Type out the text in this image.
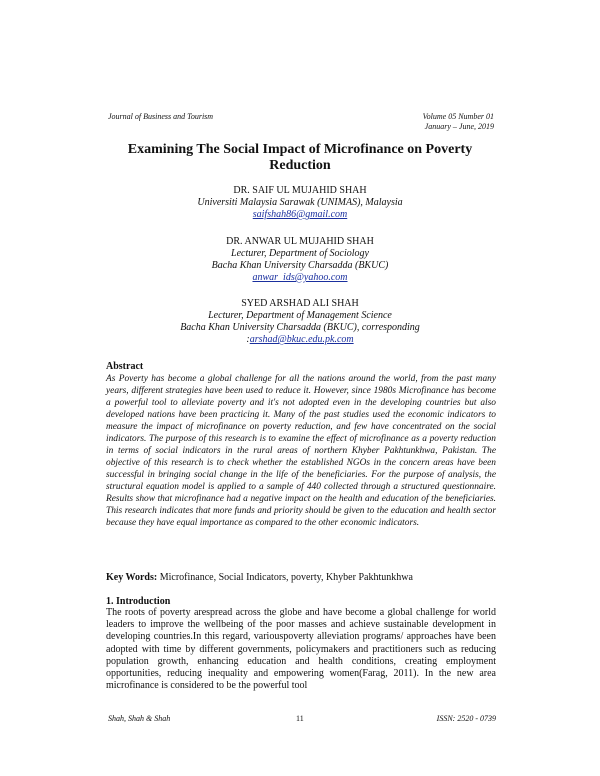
Journal of Business and Tourism	Volume 05 Number 01
January – June, 2019
Examining The Social Impact of Microfinance on Poverty
Reduction
DR. SAIF UL MUJAHID SHAH
Universiti Malaysia Sarawak (UNIMAS), Malaysia
saifshah86@gmail.com
DR. ANWAR UL MUJAHID SHAH
Lecturer, Department of Sociology
Bacha Khan University Charsadda (BKUC)
anwar_ids@yahoo.com
SYED ARSHAD ALI SHAH
Lecturer, Department of Management Science
Bacha Khan University Charsadda (BKUC), corresponding
:arshad@bkuc.edu.pk.com
Abstract
As Poverty has become a global challenge for all the nations around the world, from the past many years, different strategies have been used to reduce it. However, since 1980s Microfinance has become a powerful tool to alleviate poverty and it's not adopted even in the developing countries but also developed nations have been practicing it. Many of the past studies used the economic indicators to measure the impact of microfinance on poverty reduction, and few have concentrated on the social indicators. The purpose of this research is to examine the effect of microfinance as a poverty reduction in terms of social indicators in the rural areas of northern Khyber Pakhtunkhwa, Pakistan. The objective of this research is to check whether the established NGOs in the concern areas have been successful in bringing social change in the life of the beneficiaries. For the purpose of analysis, the structural equation model is applied to a sample of 440 collected through a structured questionnaire. Results show that microfinance had a negative impact on the health and education of the beneficiaries. This research indicates that more funds and priority should be given to the education and health sector because they have equal importance as compared to the other economic indicators.
Key Words: Microfinance, Social Indicators, poverty, Khyber Pakhtunkhwa
1. Introduction
The roots of poverty arespread across the globe and have become a global challenge for world leaders to improve the wellbeing of the poor masses and achieve sustainable development in developing countries.In this regard, variouspoverty alleviation programs/ approaches have been adopted with time by different governments, policymakers and practitioners such as reducing population growth, enhancing education and health conditions, creating employment opportunities, reducing inequality and empowering women(Farag, 2011). In the new area microfinance is considered to be the powerful tool
Shah, Shah & Shah	11	ISSN: 2520 - 0739
